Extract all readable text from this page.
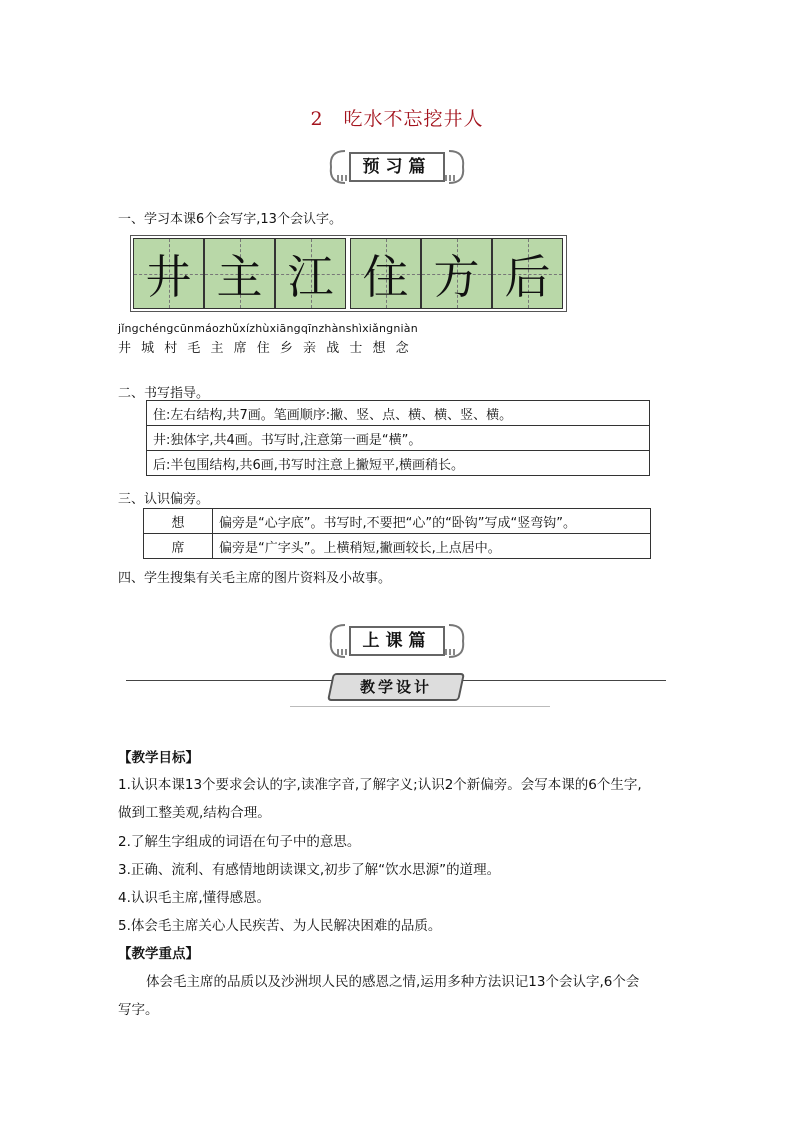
2　吃水不忘挖井人
预习篇
一、学习本课6个会写字,13个会认字。
井 主 江 住 方 后
jǐngchéngcūnmáozhǔxízhùxiāngqīnzhànshìxiǎngniàn
井 城 村 毛 主 席 住 乡 亲 战 士 想 念
二、书写指导。
住:左右结构,共7画。笔画顺序:撇、竖、点、横、横、竖、横。
井:独体字,共4画。书写时,注意第一画是“横”。
后:半包围结构,共6画,书写时注意上撇短平,横画稍长。
三、认识偏旁。
想	偏旁是“心字底”。书写时,不要把“心”的“卧钩”写成“竖弯钩”。
席	偏旁是“广字头”。上横稍短,撇画较长,上点居中。
四、学生搜集有关毛主席的图片资料及小故事。
上课篇
教学设计
【教学目标】
1.认识本课13个要求会认的字,读准字音,了解字义;认识2个新偏旁。会写本课的6个生字,
做到工整美观,结构合理。
2.了解生字组成的词语在句子中的意思。
3.正确、流利、有感情地朗读课文,初步了解“饮水思源”的道理。
4.认识毛主席,懂得感恩。
5.体会毛主席关心人民疾苦、为人民解决困难的品质。
【教学重点】
体会毛主席的品质以及沙洲坝人民的感恩之情,运用多种方法识记13个会认字,6个会
写字。
